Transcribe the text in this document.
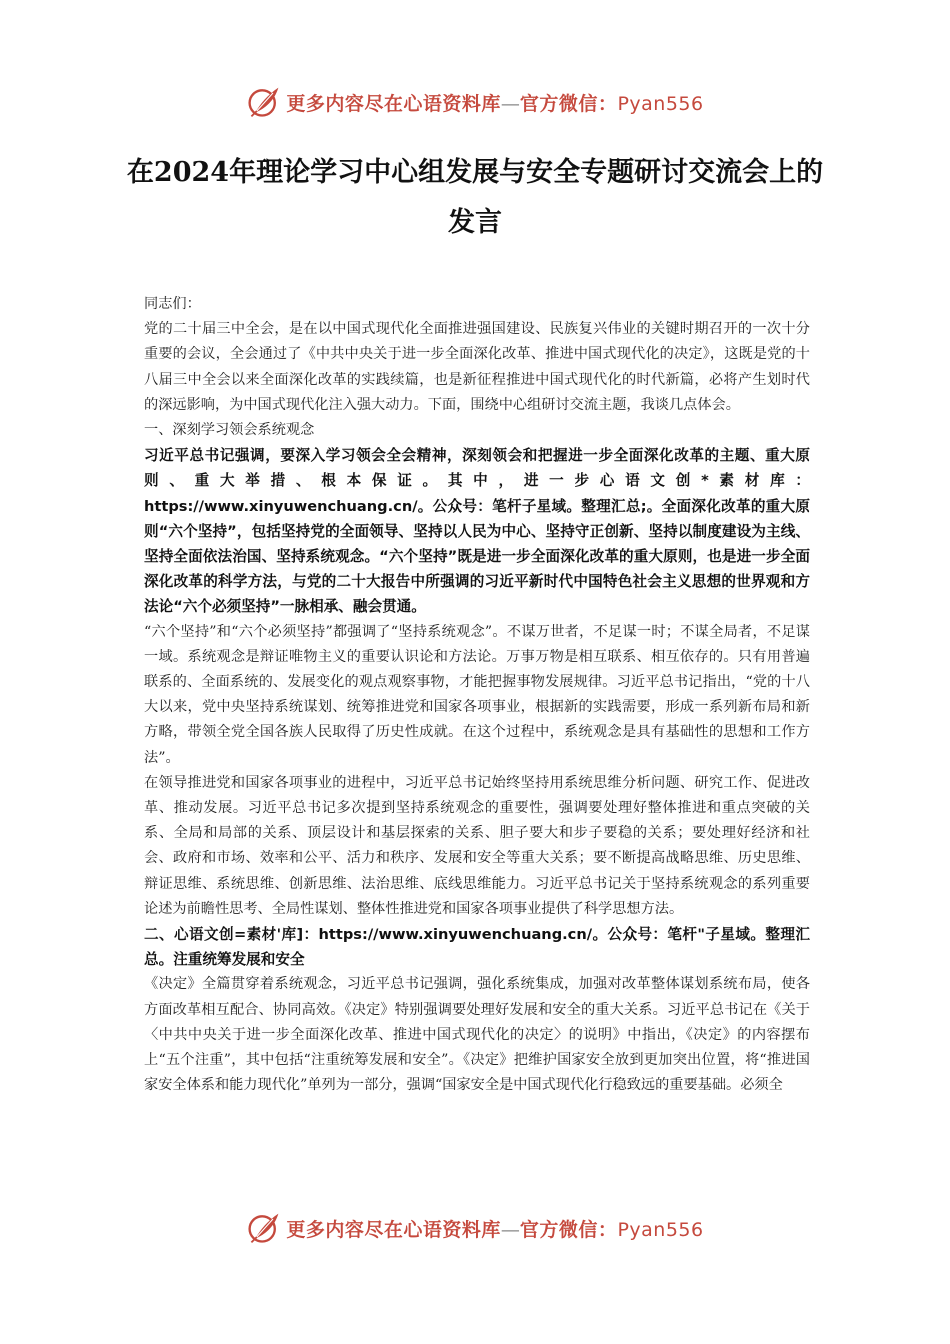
更多内容尽在心语资料库—官方微信：Pyan556
在2024年理论学习中心组发展与安全专题研讨交流会上的发言

同志们：

党的二十届三中全会，是在以中国式现代化全面推进强国建设、民族复兴伟业的关键时期召开的一次十分重要的会议，全会通过了《中共中央关于进一步全面深化改革、推进中国式现代化的决定》，这既是党的十八届三中全会以来全面深化改革的实践续篇，也是新征程推进中国式现代化的时代新篇，必将产生划时代的深远影响，为中国式现代化注入强大动力。下面，围绕中心组研讨交流主题，我谈几点体会。

一、深刻学习领会系统观念

习近平总书记强调，要深入学习领会全会精神，深刻领会和把握进一步全面深化改革的主题、重大原则、重大举措、根本保证。其中，进一步心语文创*素材库：https://www.xinyuwenchuang.cn/。公众号：笔杆子星域。整理汇总;。全面深化改革的重大原则“六个坚持”，包括坚持党的全面领导、坚持以人民为中心、坚持守正创新、坚持以制度建设为主线、坚持全面依法治国、坚持系统观念。“六个坚持”既是进一步全面深化改革的重大原则，也是进一步全面深化改革的科学方法，与党的二十大报告中所强调的习近平新时代中国特色社会主义思想的世界观和方法论“六个必须坚持”一脉相承、融会贯通。

“六个坚持”和“六个必须坚持”都强调了“坚持系统观念”。不谋万世者，不足谋一时；不谋全局者，不足谋一域。系统观念是辩证唯物主义的重要认识论和方法论。万事万物是相互联系、相互依存的。只有用普遍联系的、全面系统的、发展变化的观点观察事物，才能把握事物发展规律。习近平总书记指出，“党的十八大以来，党中央坚持系统谋划、统筹推进党和国家各项事业，根据新的实践需要，形成一系列新布局和新方略，带领全党全国各族人民取得了历史性成就。在这个过程中，系统观念是具有基础性的思想和工作方法”。

在领导推进党和国家各项事业的进程中，习近平总书记始终坚持用系统思维分析问题、研究工作、促进改革、推动发展。习近平总书记多次提到坚持系统观念的重要性，强调要处理好整体推进和重点突破的关系、全局和局部的关系、顶层设计和基层探索的关系、胆子要大和步子要稳的关系；要处理好经济和社会、政府和市场、效率和公平、活力和秩序、发展和安全等重大关系；要不断提高战略思维、历史思维、辩证思维、系统思维、创新思维、法治思维、底线思维能力。习近平总书记关于坚持系统观念的系列重要论述为前瞻性思考、全局性谋划、整体性推进党和国家各项事业提供了科学思想方法。

二、心语文创=素材'库]：https://www.xinyuwenchuang.cn/。公众号：笔杆"子星域。整理汇总。注重统筹发展和安全

《决定》全篇贯穿着系统观念，习近平总书记强调，强化系统集成，加强对改革整体谋划系统布局，使各方面改革相互配合、协同高效。《决定》特别强调要处理好发展和安全的重大关系。习近平总书记在《关于〈中共中央关于进一步全面深化改革、推进中国式现代化的决定〉的说明》中指出，《决定》的内容摆布上“五个注重”，其中包括“注重统筹发展和安全”。《决定》把维护国家安全放到更加突出位置，将“推进国家安全体系和能力现代化”单列为一部分，强调“国家安全是中国式现代化行稳致远的重要基础。必须全

更多内容尽在心语资料库—官方微信：Pyan556
